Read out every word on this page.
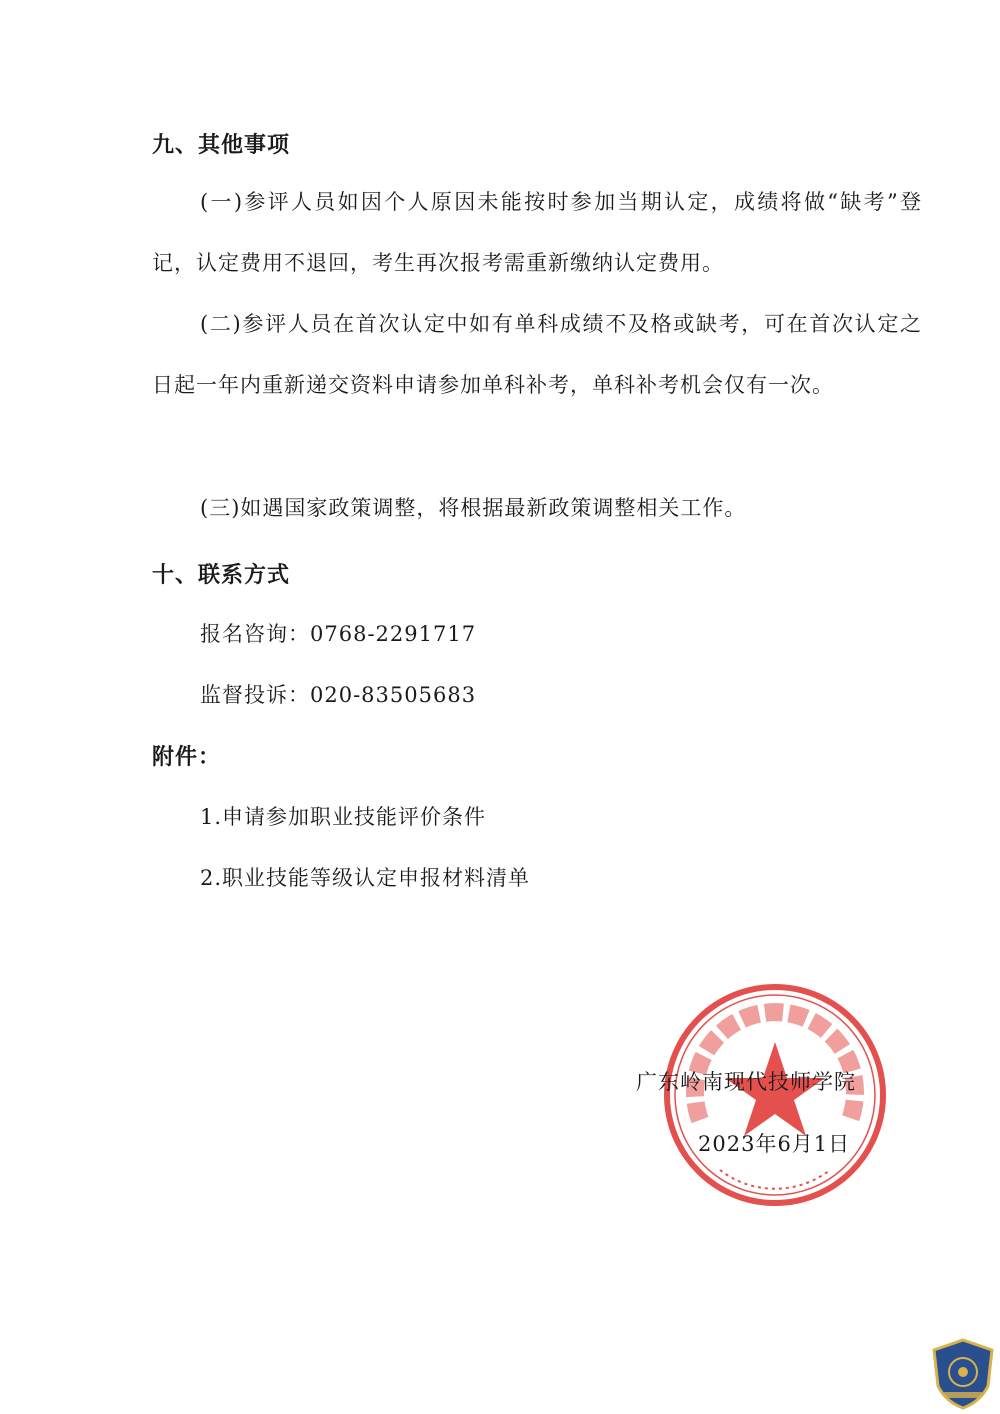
九、其他事项
(一)参评人员如因个人原因未能按时参加当期认定，成绩将做“缺考”登记，认定费用不退回，考生再次报考需重新缴纳认定费用。
(二)参评人员在首次认定中如有单科成绩不及格或缺考，可在首次认定之日起一年内重新递交资料申请参加单科补考，单科补考机会仅有一次。
(三)如遇国家政策调整，将根据最新政策调整相关工作。
十、联系方式
报名咨询：0768-2291717
监督投诉：020-83505683
附件：
1.申请参加职业技能评价条件
2.职业技能等级认定申报材料清单
广东岭南现代技师学院
2023年6月1日
